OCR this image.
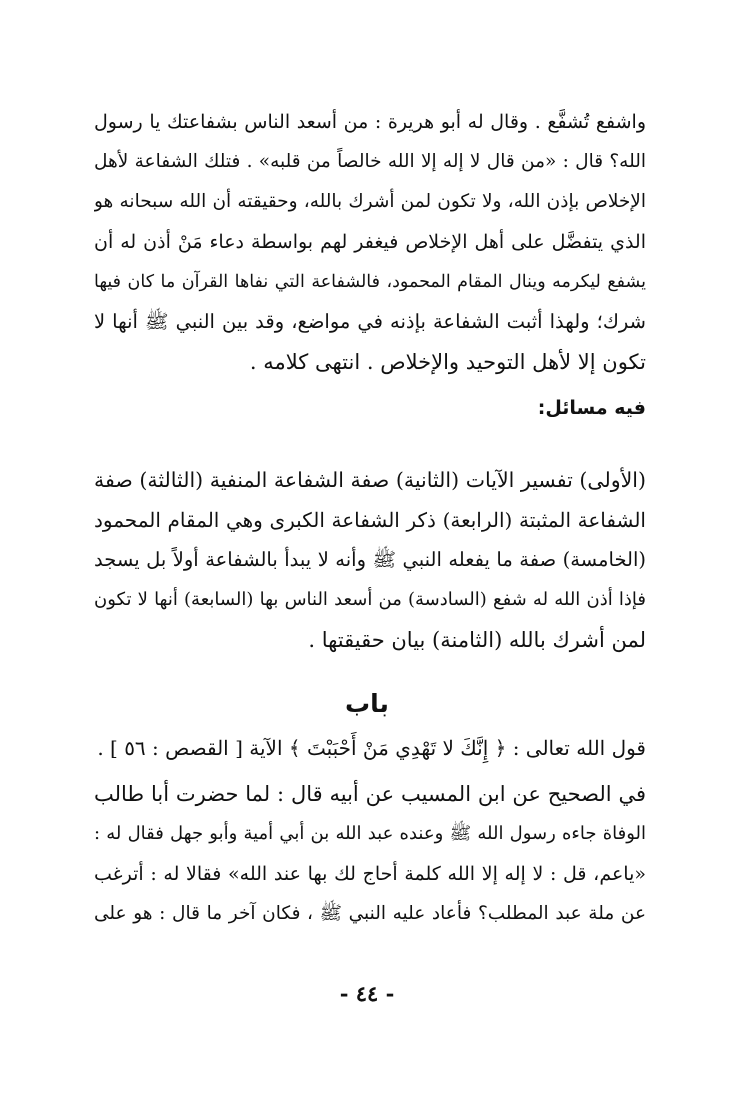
واشفع تُشفَّع . وقال له أبو هريرة : من أسعد الناس بشفاعتك يا رسول
الله؟ قال : «من قال لا إله إلا الله خالصاً من قلبه» . فتلك الشفاعة لأهل
الإخلاص بإذن الله، ولا تكون لمن أشرك بالله، وحقيقته أن الله سبحانه هو
الذي يتفضَّل على أهل الإخلاص فيغفر لهم بواسطة دعاء مَنْ أذن له أن
يشفع ليكرمه وينال المقام المحمود، فالشفاعة التي نفاها القرآن ما كان فيها
شرك؛ ولهذا أثبت الشفاعة بإذنه في مواضع، وقد بين النبي ﷺ أنها لا
تكون إلا لأهل التوحيد والإخلاص . انتهى كلامه .
فيه مسائل:
(الأولى) تفسير الآيات (الثانية) صفة الشفاعة المنفية (الثالثة) صفة
الشفاعة المثبتة (الرابعة) ذكر الشفاعة الكبرى وهي المقام المحمود
(الخامسة) صفة ما يفعله النبي ﷺ وأنه لا يبدأ بالشفاعة أولاً بل يسجد
فإذا أذن الله له شفع (السادسة) من أسعد الناس بها (السابعة) أنها لا تكون
لمن أشرك بالله (الثامنة) بيان حقيقتها .
باب
قول الله تعالى : ﴿ إِنَّكَ لا تَهْدِي مَنْ أَحْبَبْتَ ﴾ الآية [ القصص : ٥٦ ] .
في الصحيح عن ابن المسيب عن أبيه قال : لما حضرت أبا طالب
الوفاة جاءه رسول الله ﷺ وعنده عبد الله بن أبي أمية وأبو جهل فقال له :
«ياعم، قل : لا إله إلا الله كلمة أحاج لك بها عند الله» فقالا له : أترغب
عن ملة عبد المطلب؟ فأعاد عليه النبي ﷺ ، فكان آخر ما قال : هو على
- ٤٤ -
